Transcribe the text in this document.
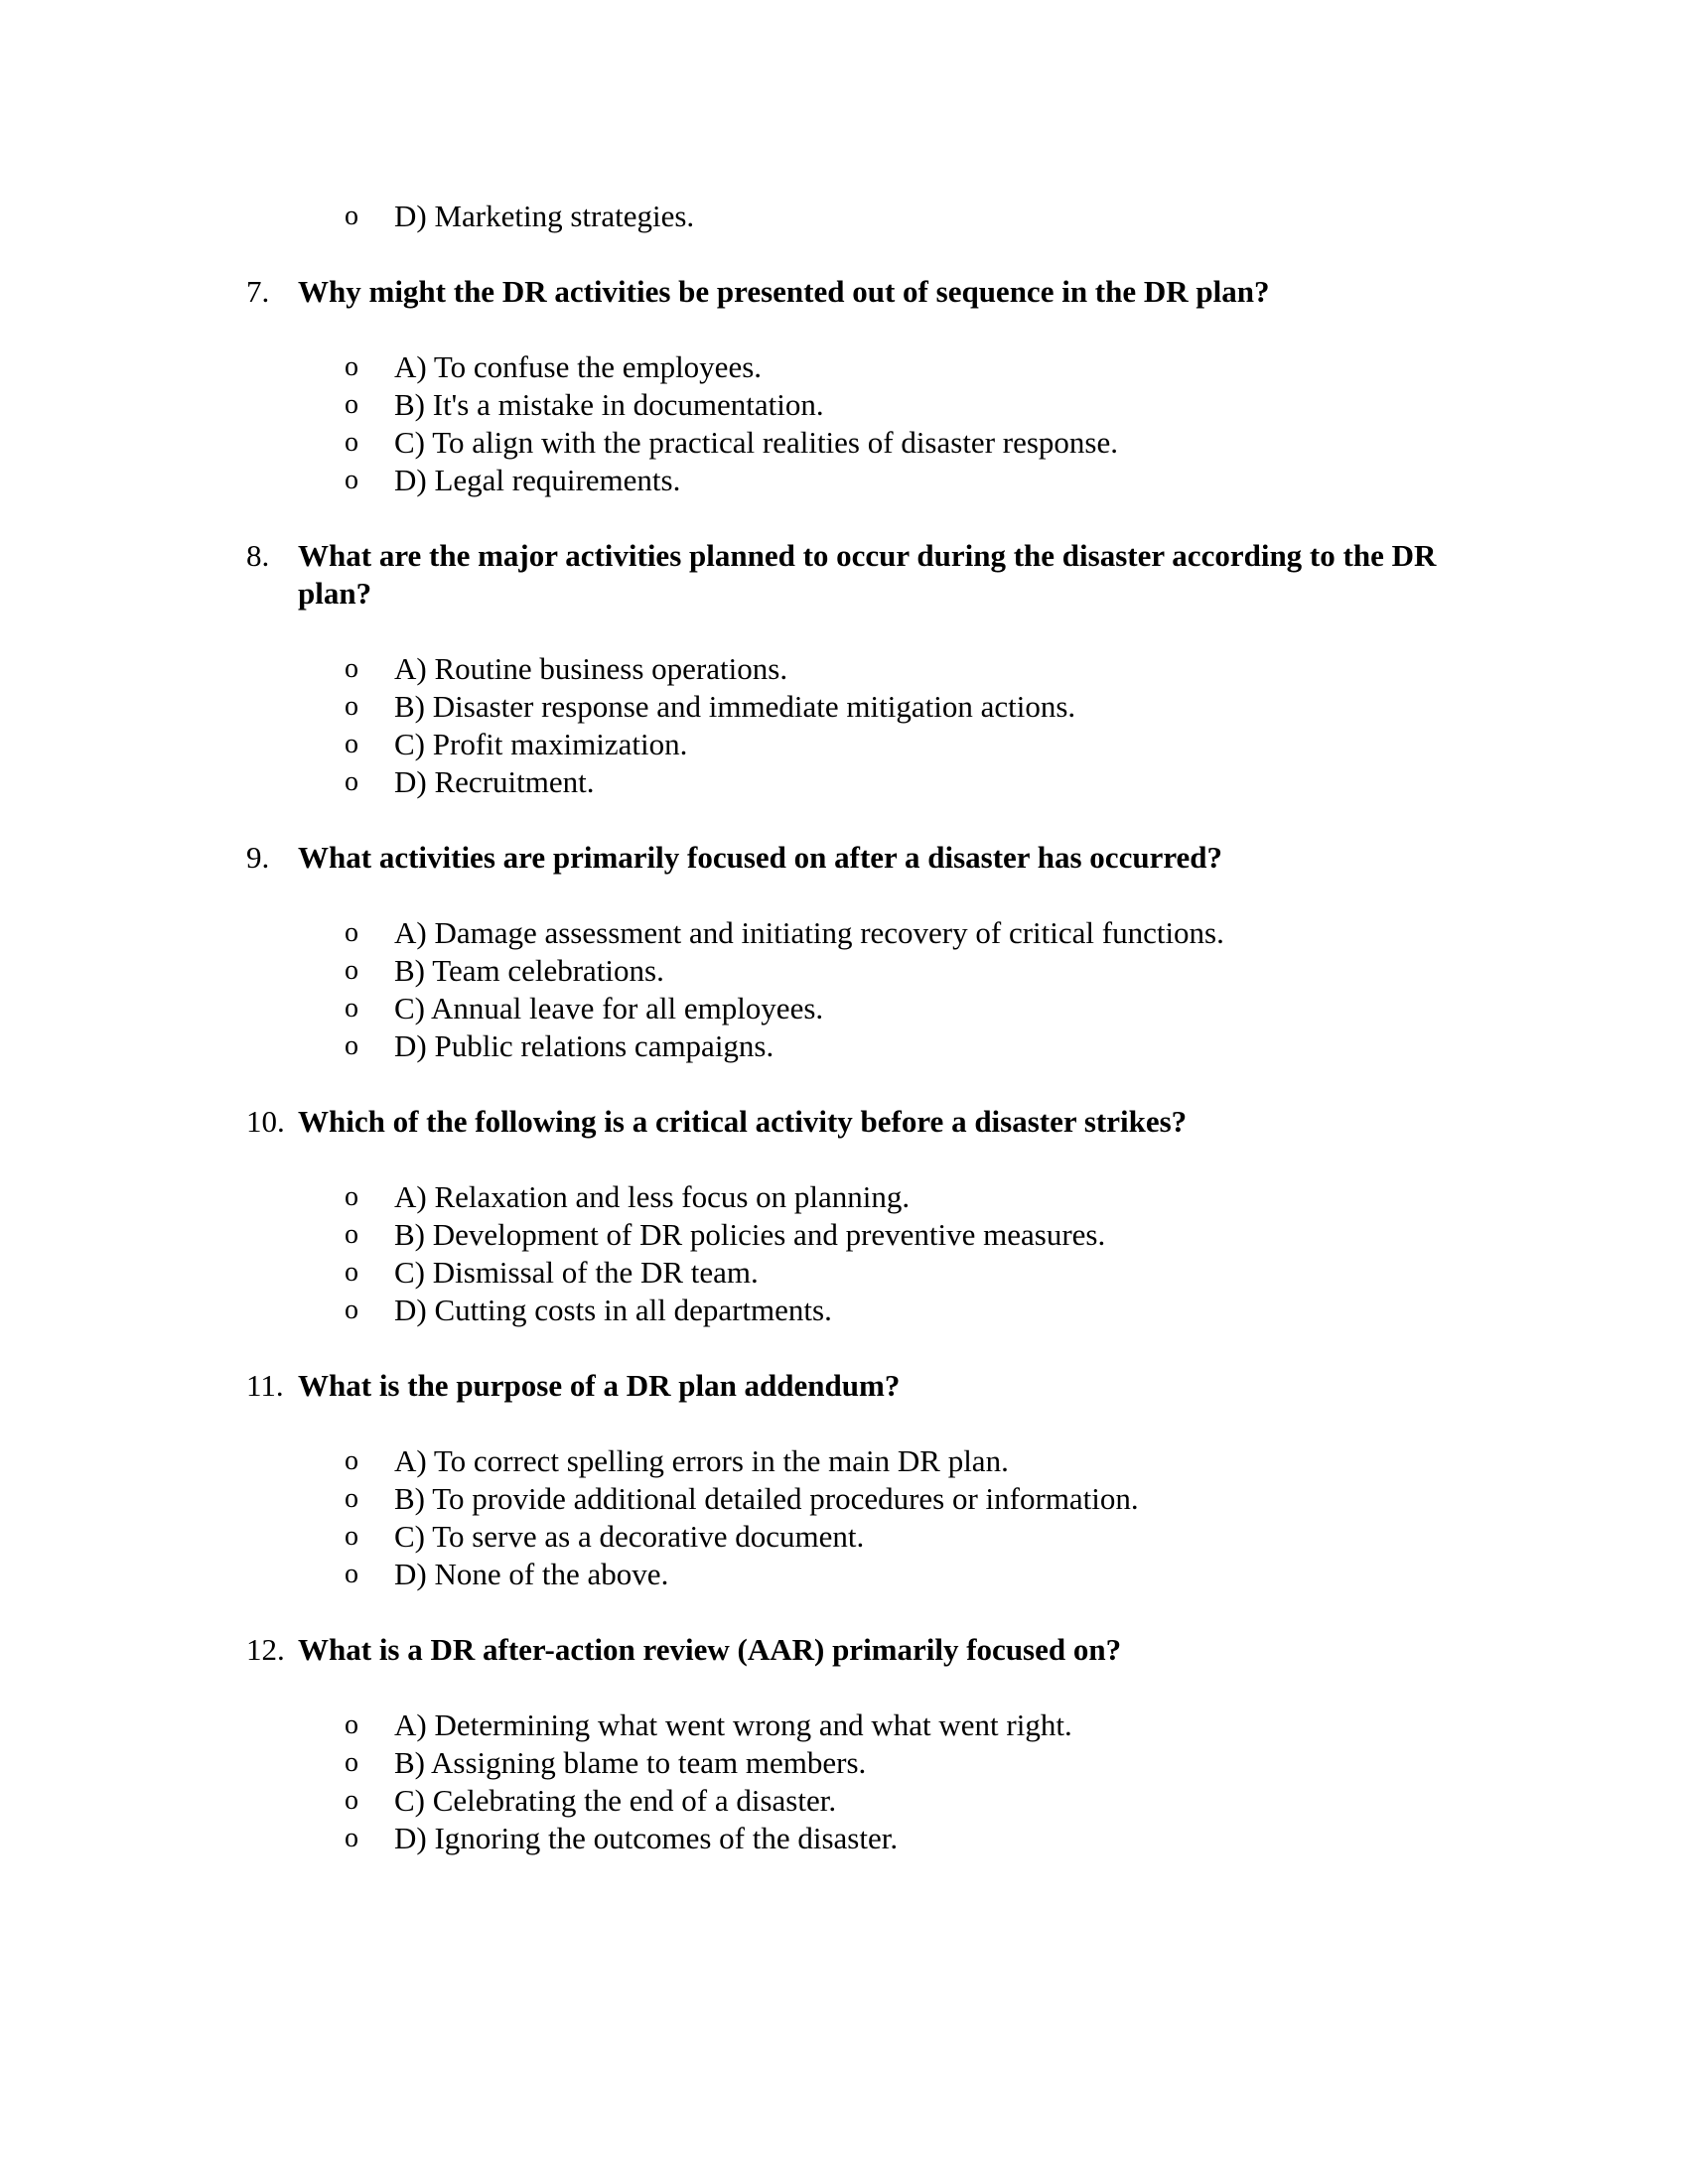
o D) Marketing strategies.
7. Why might the DR activities be presented out of sequence in the DR plan?
o A) To confuse the employees.
o B) It's a mistake in documentation.
o C) To align with the practical realities of disaster response.
o D) Legal requirements.
8. What are the major activities planned to occur during the disaster according to the DR plan?
o A) Routine business operations.
o B) Disaster response and immediate mitigation actions.
o C) Profit maximization.
o D) Recruitment.
9. What activities are primarily focused on after a disaster has occurred?
o A) Damage assessment and initiating recovery of critical functions.
o B) Team celebrations.
o C) Annual leave for all employees.
o D) Public relations campaigns.
10. Which of the following is a critical activity before a disaster strikes?
o A) Relaxation and less focus on planning.
o B) Development of DR policies and preventive measures.
o C) Dismissal of the DR team.
o D) Cutting costs in all departments.
11. What is the purpose of a DR plan addendum?
o A) To correct spelling errors in the main DR plan.
o B) To provide additional detailed procedures or information.
o C) To serve as a decorative document.
o D) None of the above.
12. What is a DR after-action review (AAR) primarily focused on?
o A) Determining what went wrong and what went right.
o B) Assigning blame to team members.
o C) Celebrating the end of a disaster.
o D) Ignoring the outcomes of the disaster.
